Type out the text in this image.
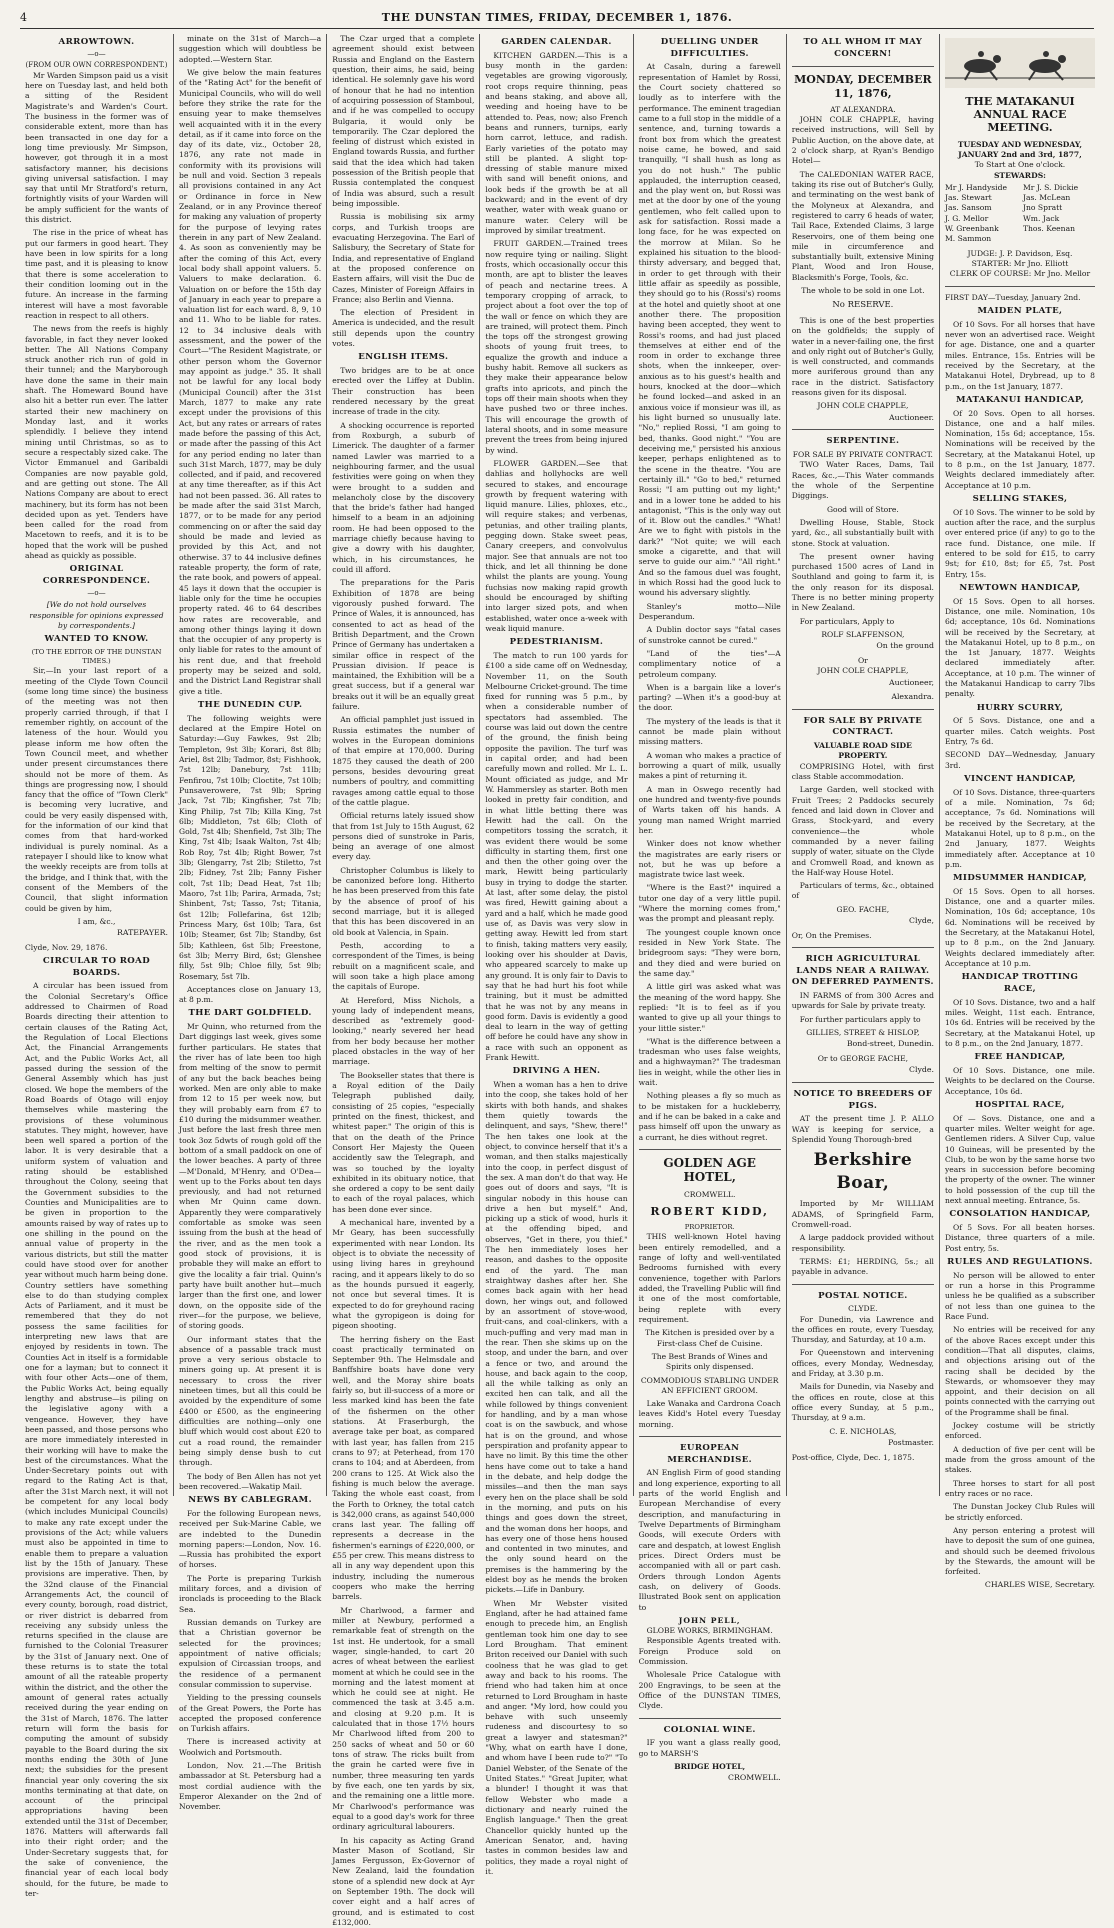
4	THE DUNSTAN TIMES, FRIDAY, DECEMBER 1, 1876.
ARROWTOWN.
—o—
(FROM OUR OWN CORRESPONDENT.)

Mr Warden Simpson paid us a visit here on Tuesday last, and held both a sitting of the Resident Magistrate's and Warden's Court. The business in the former was of considerable extent, more than has been transacted in one day for a long time previously. Mr Simpson, however, got through it in a most satisfactory manner, his decisions giving universal satisfaction. I may say that until Mr Stratford's return, fortnightly visits of your Warden will be amply sufficient for the wants of this district.

The rise in the price of wheat has put our farmers in good heart. They have been in low spirits for a long time past, and it is pleasing to know that there is some acceleration to their condition looming out in the future. An increase in the farming interest will have a most favorable reaction in respect to all others.

The news from the reefs is highly favorable, in fact they never looked better. The All Nations Company struck another rich run of gold in their tunnel; and the Maryborough have done the same in their main shaft. The Homeward Bound have also hit a better run ever. The latter started their new machinery on Monday last, and it works splendidly. I believe they intend mining until Christmas, so as to secure a respectably sized cake. The Victor Emmanuel and Garibaldi Companies are now payable gold, and are getting out stone. The All Nations Company are about to erect machinery, but its form has not been decided upon as yet. Tenders have been called for the road from Macetown to reefs, and it is to be hoped that the work will be pushed ahead as quickly as possible.

ORIGINAL CORRESPONDENCE.
—o—
[We do not hold ourselves responsible for opinions expressed by correspondents.]
WANTED TO KNOW.
(TO THE EDITOR OF THE DUNSTAN TIMES.)

Sir,—In your last report of a meeting of the Clyde Town Council (some long time since) the business of the meeting was not then properly carried through, if that I remember rightly, on account of the lateness of the hour. Would you please inform me how often the Town Council meet, and whether under present circumstances there should not be more of them. As things are progressing now, I should fancy that the office of "Town Clerk" is becoming very lucrative, and could be very easily dispensed with, for the information of our kind that comes from that hard-worked individual is purely nominal. As a ratepayer I should like to know what the weekly receipts are from tolls at the bridge, and I think that, with the consent of the Members of the Council, that slight information could be given by him,

I am, &c.,
RATEPAYER.
Clyde, Nov. 29, 1876.
CIRCULAR TO ROAD BOARDS.

A circular has been issued from the Colonial Secretary's Office addressed to Chairmen of Road Boards directing their attention to certain clauses of the Rating Act, the Regulation of Local Elections Act, the Financial Arrangements Act, and the Public Works Act, all passed during the session of the General Assembly which has just closed. We hope the members of the Road Boards of Otago will enjoy themselves while mastering the provisions of these voluminous statutes. They might, however, have been well spared a portion of the labor. It is very desirable that a uniform system of valuation and rating should be established throughout the Colony, seeing that the Government subsidies to the Counties and Municipalities are to be given in proportion to the amounts raised by way of rates up to one shilling in the pound on the annual value of property in the various districts, but still the matter could have stood over for another year without much harm being done. Country settlers have something else to do than studying complex Acts of Parliament, and it must be remembered that they do not possess the same facilities for interpreting new laws that are enjoyed by residents in town. The Counties Act in itself is a formidable one for a layman; but to connect it with four other Acts—one of them, the Public Works Act, being equally lengthy and abstruse—is piling on the legislative agony with a vengeance. However, they have been passed, and those persons who are more immediately interested in their working will have to make the best of the circumstances. What the Under-Secretary points out with regard to the Rating Act is that, after the 31st March next, it will not be competent for any local body (which includes Municipal Councils) to make any rate except under the provisions of the Act; while valuers must also be appointed in time to enable them to prepare a valuation list by the 15th of January. These provisions are imperative. Then, by the 32nd clause of the Financial Arrangements Act, the council of every county, borough, road district, or river district is debarred from receiving any subsidy unless the returns specified in the clause are furnished to the Colonial Treasurer by the 31st of January next. One of these returns is to state the total amount of all the rateable property within the district, and the other the amount of general rates actually received during the year ending on the 31st of March, 1876. The latter return will form the basis for computing the amount of subsidy payable to the Board during the six months ending the 30th of June next; the subsidies for the present financial year only covering the six months terminating at that date, on account of the principal appropriations having been extended until the 31st of December, 1876. Matters will afterwards fall into their right order; and the Under-Secretary suggests that, for the sake of convenience, the financial year of each local body should, for the future, be made to ter-

minate on the 31st of March—a suggestion which will doubtless be adopted.—Western Star.

We give below the main features of the "Rating Act" for the benefit of Municipal Councils, who will do well before they strike the rate for the ensuing year to make themselves well acquainted with it in the every detail, as if it came into force on the day of its date, viz., October 28, 1876, any rate not made in conformity with its provisions will be null and void. Section 3 repeals all provisions contained in any Act or Ordinance in force in New Zealand, or in any Province thereof for making any valuation of property for the purpose of levying rates therein in any part of New Zealand. 4. As soon as conveniently may be after the coming of this Act, every local body shall appoint valuers. 5. Valuers to make declaration. 6. Valuation on or before the 15th day of January in each year to prepare a valuation list for each ward. 8, 9, 10 and 11. Who to be liable for rates. 12 to 34 inclusive deals with assessment, and the power of the Court—"The Resident Magistrate, or other person whom the Governor may appoint as judge." 35. It shall not be lawful for any local body (Municipal Council) after the 31st March, 1877 to make any rate except under the provisions of this Act, but any rates or arrears of rates made before the passing of this Act, or made after the passing of this Act for any period ending no later than such 31st March, 1877, may be duly collected, and if paid, and recovered at any time thereafter, as if this Act had not been passed. 36. All rates to be made after the said 31st March, 1877, or to be made for any period commencing on or after the said day should be made and levied as provided by this Act, and not otherwise. 37 to 44 inclusive defines rateable property, the form of rate, the rate book, and powers of appeal. 45 lays it down that the occupier is liable only for the time he occupies property rated. 46 to 64 describes how rates are recoverable, and among other things laying it down that the occupier of any property is only liable for rates to the amount of his rent due, and that freehold property may be seized and sold, and the District Land Registrar shall give a title.

THE DUNEDIN CUP.

The following weights were declared at the Empire Hotel on Saturday:—Guy Fawkes, 9st 2lb; Templeton, 9st 3lb; Korari, 8st 8lb; Ariel, 8st 2lb; Tadmor, 8st; Fishhook, 7st 12lb; Danebury, 7st 11lb; Fenfirou, 7st 10lb; Cloctite, 7st 10lb; Punsaverowere, 7st 9lb; Spring Jack, 7st 7lb; Kingfisher, 7st 7lb; King Philip, 7st 7lb; Killa King, 7st 6lb; Middleton, 7st 6lb; Cloth of Gold, 7st 4lb; Shenfield, 7st 3lb; The King, 7st 4lb; Isaak Walton, 7st 4lb; Rob Roy, 7st 4lb; Right Bower, 7st 3lb; Glengarry, 7st 2lb; Stiletto, 7st 2lb; Fidney, 7st 2lb; Fanny Fisher colt, 7st 1lb; Dead Heat, 7st 1lb; Maoro, 7st 1lb; Parira, Armada, 7st; Shinbent, 7st; Tasso, 7st; Titania, 6st 12lb; Follefarina, 6st 12lb; Princess Mary, 6st 10lb; Tara, 6st 10lb; Steamer, 6st 7lb; Standby, 6st 5lb; Kathleen, 6st 5lb; Freestone, 6st 3lb; Merry Bird, 6st; Glenshee filly, 5st 9lb; Chloe filly, 5st 9lb; Rosemary, 5st 7lb.

Acceptances close on January 13, at 8 p.m.

THE DART GOLDFIELD.

Mr Quinn, who returned from the Dart diggings last week, gives some further particulars. He states that the river has of late been too high from melting of the snow to permit of any but the back beaches being worked. Men are only able to make from 12 to 15 per week now, but they will probably earn from £7 to £10 during the midsummer weather. Just before the last fresh three men took 3oz 5dwts of rough gold off the bottom of a small paddock on one of the lower beaches. A party of three —M'Donald, M'Henry, and O'Dea—went up to the Forks about ten days previously, and had not returned when Mr Quinn came down. Apparently they were comparatively comfortable as smoke was seen issuing from the bush at the head of the river, and as the men took a good stock of provisions, it is probable they will make an effort to give the locality a fair trial. Quinn's party have built another hut—much larger than the first one, and lower down, on the opposite side of the river—for the purpose, we believe, of storing goods.

Our informant states that the absence of a passable track must prove a very serious obstacle to miners going up. At present it is necessary to cross the river nineteen times, but all this could be avoided by the expenditure of some £400 or £500, as the engineering difficulties are nothing—only one bluff which would cost about £20 to cut a road round, the remainder being simply dense bush to cut through.

The body of Ben Allen has not yet been recovered.—Wakatip Mail.

NEWS BY CABLEGRAM.

For the following European news, received per Suk-Marine Cable, we are indebted to the Dunedin morning papers:—London, Nov. 16.—Russia has prohibited the export of horses.

The Porte is preparing Turkish military forces, and a division of ironclads is proceeding to the Black Sea.

Russian demands on Turkey are that a Christian governor be selected for the provinces; appointment of native officials; expulsion of Circassian troops, and the residence of a permanent consular commission to supervise.

Yielding to the pressing counsels of the Great Powers, the Porte has accepted the proposed conference on Turkish affairs.

There is increased activity at Woolwich and Portsmouth.

London, Nov. 21.—The British ambassador at St. Petersburg had a most cordial audience with the Emperor Alexander on the 2nd of November.

The Czar urged that a complete agreement should exist between Russia and England on the Eastern question, their aims, he said, being identical. He solemnly gave his word of honour that he had no intention of acquiring possession of Stamboul, and if he was compelled to occupy Bulgaria, it would only be temporarily. The Czar deplored the feeling of distrust which existed in England towards Russia, and further said that the idea which had taken possession of the British people that Russia contemplated the conquest of India was absurd, such a result being impossible.

Russia is mobilising six army corps, and Turkish troops are evacuating Herzegovina. The Earl of Salisbury, the Secretary of State for India, and representative of England at the proposed conference on Eastern affairs, will visit the Duc de Cazes, Minister of Foreign Affairs in France; also Berlin and Vienna.

The election of President in America is undecided, and the result still depends upon the country votes.

ENGLISH ITEMS.

Two bridges are to be at once erected over the Liffey at Dublin. Their construction has been rendered necessary by the great increase of trade in the city.

A shocking occurrence is reported from Roxburgh, a suburb of Limerick. The daughter of a farmer named Lawler was married to a neighbouring farmer, and the usual festivities were going on when they were brought to a sudden and melancholy close by the discovery that the bride's father had hanged himself to a beam in an adjoining room. He had been opposed to the marriage chiefly because having to give a dowry with his daughter, which, in his circumstances, he could ill afford.

The preparations for the Paris Exhibition of 1878 are being vigorously pushed forward. The Prince of Wales, it is announced, has consented to act as head of the British Department, and the Crown Prince of Germany has undertaken a similar office in respect of the Prussian division. If peace is maintained, the Exhibition will be a great success, but if a general war breaks out it will be an equally great failure.

An official pamphlet just issued in Russia estimates the number of wolves in the European dominions of that empire at 170,000. During 1875 they caused the death of 200 persons, besides devouring great numbers of poultry, and committing ravages among cattle equal to those of the cattle plague.

Official returns lately issued show that from 1st July to 15th August, 62 persons died of sunstroke in Paris, being an average of one almost every day.

Christopher Columbus is likely to be canonized before long. Hitherto he has been preserved from this fate by the absence of proof of his second marriage, but it is alleged that this has been discovered in an old book at Valencia, in Spain.

Pesth, according to a correspondent of the Times, is being rebuilt on a magnificent scale, and will soon take a high place among the capitals of Europe.

At Hereford, Miss Nichols, a young lady of independent means, described as "extremely good-looking," nearly severed her head from her body because her mother placed obstacles in the way of her marriage.

The Bookseller states that there is a Royal edition of the Daily Telegraph published daily, consisting of 25 copies, "especially printed on the finest, thickest, and whitest paper." The origin of this is that on the death of the Prince Consort Her Majesty the Queen accidently saw the Telegraph, and was so touched by the loyalty exhibited in its obituary notice, that she ordered a copy to be sent daily to each of the royal palaces, which has been done ever since.

A mechanical hare, invented by a Mr Geary, has been successfully experimented with near London. Its object is to obviate the necessity of using living hares in greyhound racing, and it appears likely to do so as the hounds pursued it eagerly, not once but several times. It is expected to do for greyhound racing what the gyropigeon is doing for pigeon shooting.

The herring fishery on the East coast practically terminated on September 9th. The Helmsdale and Banffshire boats have done very well, and the Moray shire boats fairly so, but ill-success of a more or less marked kind has been the fate of the fishermen on the other stations. At Fraserburgh, the average take per boat, as compared with last year, has fallen from 215 crans to 97; at Peterhead, from 170 crans to 104; and at Aberdeen, from 200 crans to 125. At Wick also the fishing is much below the average. Taking the whole east coast, from the Forth to Orkney, the total catch is 342,000 crans, as against 540,000 crans last year. The falling off represents a decrease in the fishermen's earnings of £220,000, or £55 per crew. This means distress to all in any way dependent upon this industry, including the numerous coopers who make the herring barrels.

Mr Charlwood, a farmer and miller at Newbury, performed a remarkable feat of strength on the 1st inst. He undertook, for a small wager, single-handed, to cart 20 acres of wheat between the earliest moment at which he could see in the morning and the latest moment at which he could see at night. He commenced the task at 3.45 a.m. and closing at 9.20 p.m. It is calculated that in those 17½ hours Mr Charlwood lifted from 200 to 250 sacks of wheat and 50 or 60 tons of straw. The ricks built from the grain he carted were five in number, three measuring ten yards by five each, one ten yards by six, and the remaining one a little more. Mr Charlwood's performance was equal to a good day's work for three ordinary agricultural labourers.

In his capacity as Acting Grand Master Mason of Scotland, Sir James Fergusson, Ex-Governor of New Zealand, laid the foundation stone of a splendid new dock at Ayr on September 19th. The dock will cover eight and a half acres of ground, and is estimated to cost £132,000.

GARDEN CALENDAR.

KITCHEN GARDEN.—This is a busy month in the garden: vegetables are growing vigorously, root crops require thinning, peas and beans staking, and above all, weeding and hoeing have to be attended to. Peas, now; also French beans and runners, turnips, early horn carrot, lettuce, and radish. Early varieties of the potato may still be planted. A slight top-dressing of stable manure mixed with sand will benefit onions, and look beds if the growth be at all backward; and in the event of dry weather, water with weak guano or manure water. Celery will be improved by similar treatment.

FRUIT GARDEN.—Trained trees now require tying or nailing. Slight frosts, which occasionally occur this month, are apt to blister the leaves of peach and nectarine trees. A temporary cropping of arrack, to project about a foot over the top of the wall or fence on which they are are trained, will protect them. Pinch the tops off the strongest growing shoots of young fruit trees, to equalize the growth and induce a bushy habit. Remove all suckers as they make their appearance below grafts into apricots, and pinch the tops off their main shoots when they have pushed two or three inches. This will encourage the growth of lateral shoots, and in some measure prevent the trees from being injured by wind.

FLOWER GARDEN.—See that dahlias and hollyhocks are well secured to stakes, and encourage growth by frequent watering with liquid manure. Lilies, phloxes, etc., will require stakes; and verbenas, petunias, and other trailing plants, pegging down. Stake sweet peas, Canary creepers, and convolvulus major. See that annuals are not too thick, and let all thinning be done whilst the plants are young. Young fuchsias now making rapid growth should be encouraged by shifting into larger sized pots, and when established, water once a-week with weak liquid manure.

PEDESTRIANISM.

The match to run 100 yards for £100 a side came off on Wednesday, November 11, on the South Melbourne Cricket-ground. The time fixed for running was 5 p.m., by when a considerable number of spectators had assembled. The course was laid out down the centre of the ground, the finish being opposite the pavilion. The turf was in capital order, and had been carefully mown and rolled. Mr L. L. Mount officiated as judge, and Mr W. Hammersley as starter. Both men looked in pretty fair condition, and in what little betting there was Hewitt had the call. On the competitors tossing the scratch, it was evident there would be some difficulty in starting them, first one and then the other going over the mark, Hewitt being particularly busy in trying to dodge the starter. At last, after some delay, the pistol was fired, Hewitt gaining about a yard and a half, which he made good use of, as Davis was very slow in getting away. Hewitt led from start to finish, taking matters very easily, looking over his shoulder at Davis, who appeared scarcely to make up any ground. It is only fair to Davis to say that he had hurt his foot while training, but it must be admitted that he was not by any means in good form. Davis is evidently a good deal to learn in the way of getting off before he could have any show in a race with such an opponent as Frank Hewitt.

DRIVING A HEN.

When a woman has a hen to drive into the coop, she takes hold of her skirts with both hands, and shakes them quietly towards the delinquent, and says, "Shew, there!" The hen takes one look at the object, to convince herself that it's a woman, and then stalks majestically into the coop, in perfect disgust of the sex. A man don't do that way. He goes out of doors and says, "It is singular nobody in this house can drive a hen but myself." And, picking up a stick of wood, hurls it at the offending biped, and observes, "Get in there, you thief." The hen immediately loses her reason, and dashes to the opposite end of the yard. The man straightway dashes after her. She comes back again with her head down, her wings out, and followed by an assortment of stove-wood, fruit-cans, and coal-clinkers, with a much-puffing and very mad man in the rear. Then she skims up on the stoop, and under the barn, and over a fence or two, and around the house, and back again to the coop, all the while talking as only an excited hen can talk, and all the while followed by things convenient for handling, and by a man whose coat is on the sawbuck, and whose hat is on the ground, and whose perspiration and profanity appear to have no limit. By this time the other hens have come out to take a hand in the debate, and help dodge the missiles—and then the man says every hen on the place shall be sold in the morning, and puts on his things and goes down the street, and the woman dons her hoops, and has every one of those hens housed and contented in two minutes, and the only sound heard on the premises is the hammering by the eldest boy as he mends the broken pickets.—Life in Danbury.

When Mr Webster visited England, after he had attained fame enough to precede him, an English gentleman took him one day to see Lord Brougham. That eminent Briton received our Daniel with such coolness that he was glad to get away and back to his rooms. The friend who had taken him at once returned to Lord Brougham in haste and anger. "My lord, how could you behave with such unseemly rudeness and discourtesy to so great a lawyer and statesman?" "Why, what on earth have I done, and whom have I been rude to?" "To Daniel Webster, of the Senate of the United States." "Great Jupiter, what a blunder! I thought it was that fellow Webster who made a dictionary and nearly ruined the English language." Then the great Chancellor quickly hunted up the American Senator, and, having tastes in common besides law and politics, they made a royal night of it.

DUELLING UNDER DIFFICULTIES.

At Casaln, during a farewell representation of Hamlet by Rossi, the Court society chattered so loudly as to interfere with the performance. The eminent tragedian came to a full stop in the middle of a sentence, and, turning towards a front box from which the greatest noise came, he bowed, and said tranquilly, "I shall hush as long as you do not hush." The public applauded, the interruption ceased, and the play went on, but Rossi was met at the door by one of the young gentlemen, who felt called upon to ask for satisfaction. Rossi made a long face, for he was expected on the morrow at Milan. So he explained his situation to the blood-thirsty adversary, and begged that, in order to get through with their little affair as speedily as possible, they should go to his (Rossi's) rooms at the hotel and quietly shoot at one another there. The proposition having been accepted, they went to Rossi's rooms, and had just placed themselves at either end of the room in order to exchange three shots, when the innkeeper, over-anxious as to his guest's health and hours, knocked at the door—which he found locked—and asked in an anxious voice if monsieur was ill, as his light burned so unusually late. "No," replied Rossi, "I am going to bed, thanks. Good night." "You are deceiving me," persisted his anxious keeper, perhaps enlightened as to the scene in the theatre. "You are certainly ill." "Go to bed," returned Rossi; "I am putting out my light;" and in a lower tone he added to his antagonist, "This is the only way out of it. Blow out the candles." "What! Are we to fight with pistols in the dark?" "Not quite; we will each smoke a cigarette, and that will serve to guide our aim." "All right." And so the famous duel was fought, in which Rossi had the good luck to wound his adversary slightly.

Stanley's motto—Nile Desperandum.

A Dublin doctor says "fatal cases of sunstroke cannot be cured."

"Land of the ties"—A complimentary notice of a petroleum company.

When is a bargain like a lover's parting? —When it's a good-buy at the door.

The mystery of the leads is that it cannot be made plain without missing matters.

A woman who makes a practice of borrowing a quart of milk, usually makes a pint of returning it.

A man in Oswego recently had one hundred and twenty-five pounds of Warts taken off his hands. A young man named Wright married her.

Winker does not know whether the magistrates are early risers or not, but he was up before a magistrate twice last week.

"Where is the East?" inquired a tutor one day of a very little pupil. "Where the morning comes from," was the prompt and pleasant reply.

The youngest couple known once resided in New York State. The bridegroom says: "They were born, and they died and were buried on the same day."

A little girl was asked what was the meaning of the word happy. She replied: "It is to feel as if you wanted to give up all your things to your little sister."

"What is the difference between a tradesman who uses false weights, and a highwayman?" The tradesman lies in weight, while the other lies in wait.

Nothing pleases a fly so much as to be mistaken for a huckleberry, and if he can be baked in a cake and pass himself off upon the unwary as a currant, he dies without regret.

GOLDEN AGE HOTEL,
CROMWELL.
ROBERT KIDD,
PROPRIETOR.

THIS well-known Hotel having been entirely remodelled, and a range of lofty and well-ventilated Bedrooms furnished with every convenience, together with Parlors added, the Travelling Public will find it one of the most comfortable, being replete with every requirement.

The Kitchen is presided over by a First-class Chef de Cuisine.

The Best Brands of Wines and Spirits only dispensed.

COMMODIOUS STABLING UNDER AN EFFICIENT GROOM.

Lake Wanaka and Cardrona Coach leaves Kidd's Hotel every Tuesday morning.

EUROPEAN MERCHANDISE.

AN English Firm of good standing and long experience, exporting to all parts of the world English and European Merchandise of every description, and manufacturing in Twelve Departments of Birmingham Goods, will execute Orders with care and despatch, at lowest English prices. Direct Orders must be accompanied with all or part cash. Orders through London Agents cash, on delivery of Goods. Illustrated Book sent on application to

JOHN PELL,
GLOBE WORKS, BIRMINGHAM.

Responsible Agents treated with. Foreign Produce sold on Commission.

Wholesale Price Catalogue with 200 Engravings, to be seen at the Office of the DUNSTAN TIMES, Clyde.

COLONIAL WINE.

IF you want a glass really good, go to MARSH'S

BRIDGE HOTEL,
CROMWELL.
TO ALL WHOM IT MAY CONCERN!
MONDAY, DECEMBER 11, 1876,
AT ALEXANDRA.

JOHN COLE CHAPPLE, having received instructions, will Sell by Public Auction, on the above date, at 2 o'clock sharp, at Ryan's Bendigo Hotel—

The CALEDONIAN WATER RACE, taking its rise out of Butcher's Gully, and terminating on the west bank of the Molyneux at Alexandra, and registered to carry 6 heads of water, Tail Race, Extended Claims, 3 large Reservoirs, one of them being one mile in circumference and substantially built, extensive Mining Plant, Wood and Iron House, Blacksmith's Forge, Tools, &c.

The whole to be sold in one Lot.

No RESERVE.

This is one of the best properties on the goldfields; the supply of water in a never-failing one, the first and only right out of Butcher's Gully, is well constructed, and commands more auriferous ground than any race in the district. Satisfactory reasons given for its disposal.

JOHN COLE CHAPPLE,
Auctioneer.
SERPENTINE.
FOR SALE BY PRIVATE CONTRACT.

TWO Water Races, Dams, Tail Races, &c.,—This Water commands the whole of the Serpentine Diggings.

Good will of Store.

Dwelling House, Stable, Stock yard, &c., all substantially built with stone. Stock at valuation.

The present owner having purchased 1500 acres of Land in Southland and going to farm it, is the only reason for its disposal. There is no better mining property in New Zealand.

For particulars, Apply to

ROLF SLAFFENSON,
On the ground
Or
JOHN COLE CHAPPLE,
Auctioneer,
Alexandra.
FOR SALE BY PRIVATE CONTRACT.
VALUABLE ROAD SIDE PROPERTY.

COMPRISING Hotel, with first class Stable accommodation.

Large Garden, well stocked with Fruit Trees; 2 Paddocks securely fenced and laid down in Clover and Grass, Stock-yard, and every convenience—the whole commanded by a never failing supply of water, situate on the Clyde and Cromwell Road, and known as the Half-way House Hotel.

Particulars of terms, &c., obtained of

GEO. FACHE,
Clyde,
Or, On the Premises.
RICH AGRICULTURAL LANDS NEAR A RAILWAY. ON DEFERRED PAYMENTS.

IN FARMS of from 300 Acres and upwards for Sale by private treaty.

For further particulars apply to

GILLIES, STREET & HISLOP,
Bond-street, Dunedin.
Or to GEORGE FACHE,
Clyde.
NOTICE TO BREEDERS OF PIGS.

AT the present time J. P. ALLO WAY is keeping for service, a Splendid Young Thorough-bred

Berkshire Boar,

Imported by Mr WILLIAM ADAMS, of Springfield Farm, Cromwell-road.

A large paddock provided without responsibility.

TERMS: £1; HERDING, 5s.; all payable in advance.

POSTAL NOTICE.
CLYDE.

For Dunedin, via Lawrence and the offices en route, every Tuesday, Thursday, and Saturday, at 10 a.m.

For Queenstown and intervening offices, every Monday, Wednesday, and Friday, at 3.30 p.m.

Mails for Dunedin, via Naseby and the offices en route, close at this office every Sunday, at 5 p.m., Thursday, at 9 a.m.

C. E. NICHOLAS,
Postmaster.
Post-office, Clyde, Dec. 1, 1875.
THE MATAKANUI ANNUAL RACE MEETING.
TUESDAY AND WEDNESDAY, JANUARY 2nd and 3rd, 1877,
To Start at One o'clock.
STEWARDS:
Mr J. Handyside	Mr J. S. Dickie
Jas. Stewart	Jas. McLean
Jas. Sansom	Jno Spratt
J. G. Mellor	Wm. Jack
W. Greenbank	Thos. Keenan
M. Sammon
JUDGE: J. P. Davidson, Esq.
STARTER: Mr Jno. Elliott
CLERK OF COURSE: Mr Jno. Mellor
FIRST DAY—Tuesday, January 2nd.
MAIDEN PLATE,

Of 10 Sovs. For all horses that have never won an advertised race. Weight for age. Distance, one and a quarter miles. Entrance, 15s. Entries will be received by the Secretary, at the Matakanui Hotel, Drybread, up to 8 p.m., on the 1st January, 1877.

MATAKANUI HANDICAP,

Of 20 Sovs. Open to all horses. Distance, one and a half miles. Nomination, 15s 6d; acceptance, 15s. Nominations will be received by the Secretary, at the Matakanui Hotel, up to 8 p.m., on the 1st January, 1877. Weights declared immediately after. Acceptance at 10 p.m.

SELLING STAKES,

Of 10 Sovs. The winner to be sold by auction after the race, and the surplus over entered price (if any) to go to the race fund. Distance, one mile. If entered to be sold for £15, to carry 9st; for £10, 8st; for £5, 7st. Post Entry, 15s.

NEWTOWN HANDICAP,

Of 15 Sovs. Open to all horses. Distance, one mile. Nomination, 10s 6d; acceptance, 10s 6d. Nominations will be received by the Secretary, at the Matakanui Hotel, up to 8 p.m., on the 1st January, 1877. Weights declared immediately after. Acceptance, at 10 p.m. The winner of the Matakanui Handicap to carry 7lbs penalty.

HURRY SCURRY,

Of 5 Sovs. Distance, one and a quarter miles. Catch weights. Post Entry, 7s 6d.

SECOND DAY—Wednesday, January 3rd.
VINCENT HANDICAP,

Of 10 Sovs. Distance, three-quarters of a mile. Nomination, 7s 6d; acceptance, 7s 6d. Nominations will be received by the Secretary, at the Matakanui Hotel, up to 8 p.m., on the 2nd January, 1877. Weights immediately after. Acceptance at 10 p.m.

MIDSUMMER HANDICAP,

Of 15 Sovs. Open to all horses. Distance, one and a quarter miles. Nomination, 10s 6d; acceptance, 10s 6d. Nominations will be received by the Secretary, at the Matakanui Hotel, up to 8 p.m., on the 2nd January. Weights declared immediately after. Acceptance at 10 p.m.

HANDICAP TROTTING RACE,

Of 10 Sovs. Distance, two and a half miles. Weight, 11st each. Entrance, 10s 6d. Entries will be received by the Secretary, at the Matakanui Hotel, up to 8 p.m., on the 2nd January, 1877.

FREE HANDICAP,

Of 10 Sovs. Distance, one mile. Weights to be declared on the Course. Acceptance, 10s 6d.

HOSPITAL RACE,

Of — Sovs. Distance, one and a quarter miles. Welter weight for age. Gentlemen riders. A Silver Cup, value 10 Guineas, will be presented by the Club, to be won by the same horse two years in succession before becoming the property of the owner. The winner to hold possession of the cup till the next annual meeting. Entrance, 5s.

CONSOLATION HANDICAP,

Of 5 Sovs. For all beaten horses. Distance, three quarters of a mile. Post entry, 5s.

RULES AND REGULATIONS.

No person will be allowed to enter or run a horse in this Programme unless he be qualified as a subscriber of not less than one guinea to the Race Fund.

No entries will be received for any of the above Races except under this condition—That all disputes, claims, and objections arising out of the racing shall be decided by the Stewards, or whomsoever they may appoint, and their decision on all points connected with the carrying out of the Programme shall be final.

Jockey costume will be strictly enforced.

A deduction of five per cent will be made from the gross amount of the stakes.

Three horses to start for all post entry races or no race.

The Dunstan Jockey Club Rules will be strictly enforced.

Any person entering a protest will have to deposit the sum of one guinea, and should such be deemed frivolous by the Stewards, the amount will be forfeited.

CHARLES WISE, Secretary.
